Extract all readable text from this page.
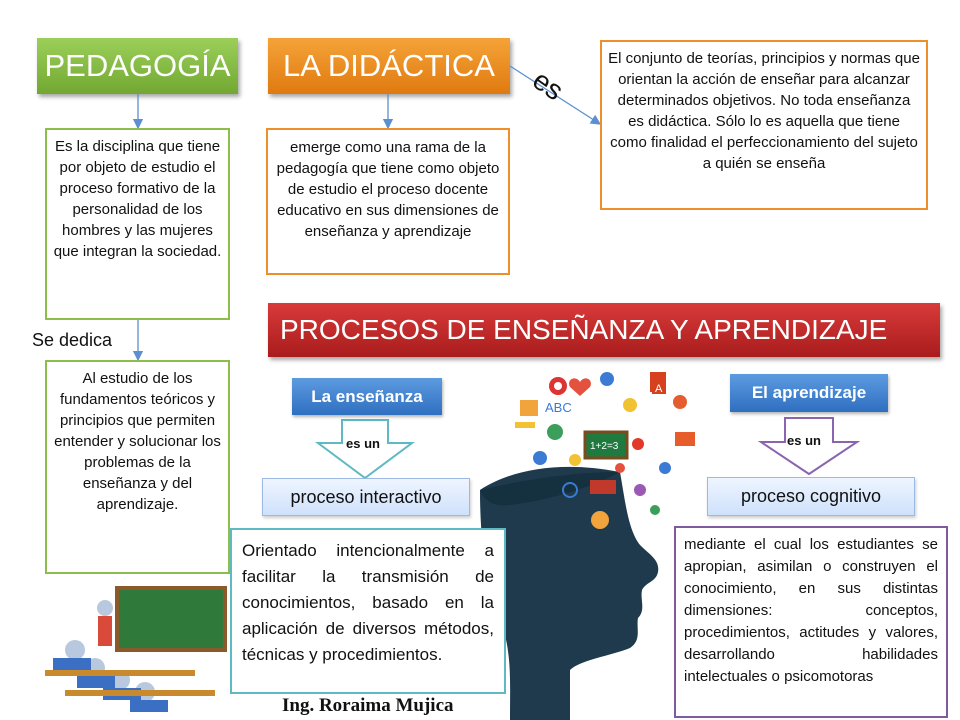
PEDAGOGÍA	LA DIDÁCTICA	es
Es la disciplina que tiene por objeto de estudio el proceso formativo de la personalidad de los hombres y las mujeres que integran la sociedad.
Se dedica
Al estudio de los fundamentos teóricos y principios que permiten entender y solucionar los problemas de la enseñanza y del aprendizaje.
emerge como una rama de la pedagogía que tiene como objeto de estudio el proceso docente educativo en sus dimensiones de enseñanza y aprendizaje
El conjunto de teorías, principios y normas que orientan la acción de enseñar para alcanzar determinados objetivos. No toda enseñanza es didáctica. Sólo lo es aquella que tiene como finalidad el perfeccionamiento del sujeto a quién se enseña
PROCESOS DE ENSEÑANZA Y APRENDIZAJE
La enseñanza	El aprendizaje
es un	es un
proceso interactivo	proceso cognitivo
ABC
1+2=3
A
Orientado intencionalmente a facilitar la transmisión de conocimientos, basado en la aplicación de diversos métodos, técnicas y procedimientos.
mediante el cual los estudiantes se apropian, asimilan o construyen el conocimiento, en sus distintas dimensiones: conceptos, procedimientos, actitudes y valores, desarrollando habilidades intelectuales o psicomotoras
Ing. Roraima Mujica
